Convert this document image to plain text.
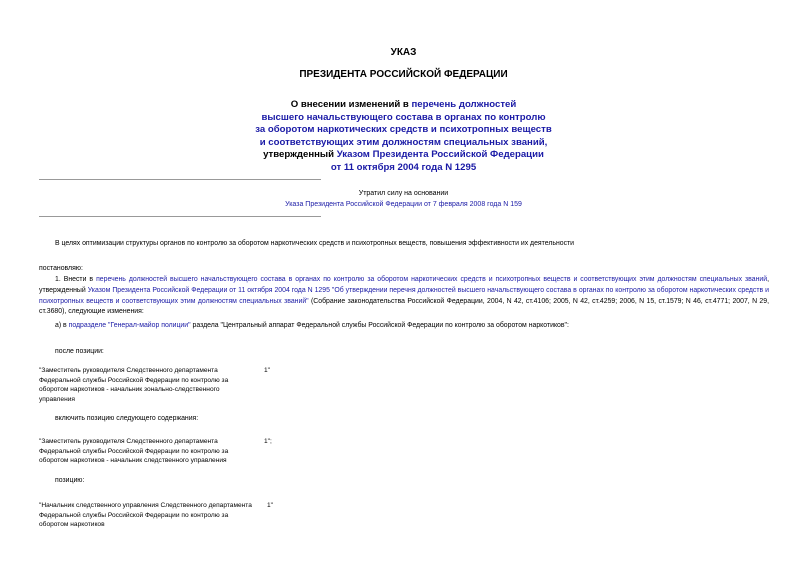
УКАЗ
ПРЕЗИДЕНТА РОССИЙСКОЙ ФЕДЕРАЦИИ
О внесении изменений в перечень должностей
высшего начальствующего состава в органах по контролю
за оборотом наркотических средств и психотропных веществ
и соответствующих этим должностям специальных званий,
утвержденный Указом Президента Российской Федерации
от 11 октября 2004 года N 1295
Утратил силу на основании
Указа Президента Российской Федерации от 7 февраля 2008 года N 159
В целях оптимизации структуры органов по контролю за оборотом наркотических средств и психотропных веществ, повышения эффективности их деятельности
постановляю:
1. Внести в перечень должностей высшего начальствующего состава в органах по контролю за оборотом наркотических средств и психотропных веществ и соответствующих этим должностям специальных званий, утвержденный Указом Президента Российской Федерации от 11 октября 2004 года N 1295 "Об утверждении перечня должностей высшего начальствующего состава в органах по контролю за оборотом наркотических средств и психотропных веществ и соответствующих этим должностям специальных званий" (Собрание законодательства Российской Федерации, 2004, N 42, ст.4106; 2005, N 42, ст.4259; 2006, N 15, ст.1579; N 46, ст.4771; 2007, N 29, ст.3680), следующие изменения:
а) в подразделе "Генерал-майор полиции" раздела "Центральный аппарат Федеральной службы Российской Федерации по контролю за оборотом наркотиков":
после позиции:
"Заместитель руководителя Следственного департамента
Федеральной службы Российской Федерации по контролю за
оборотом наркотиков - начальник зонально-следственного
управления
1"
включить позицию следующего содержания:
"Заместитель руководителя Следственного департамента
Федеральной службы Российской Федерации по контролю за
оборотом наркотиков - начальник следственного управления
1";
позицию:
"Начальник следственного управления Следственного департамента
Федеральной службы Российской Федерации по контролю за
оборотом наркотиков
1"
